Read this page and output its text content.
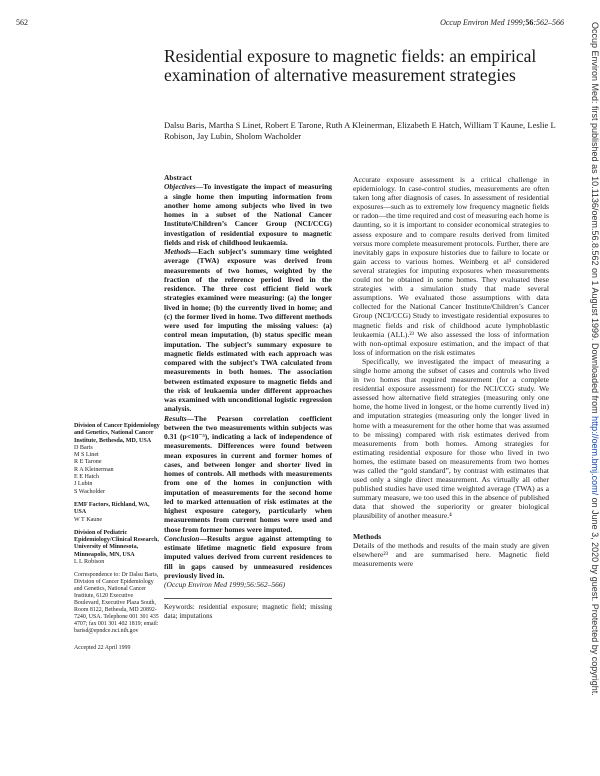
562	Occup Environ Med 1999;56:562–566	Occup Environ Med: first published as 10.1136/oem.56.8.562 on 1 August 1999. Downloaded from http://oem.bmj.com/ on June 3, 2020 by guest. Protected by copyright.
Residential exposure to magnetic fields: an empirical examination of alternative measurement strategies
Dalsu Baris, Martha S Linet, Robert E Tarone, Ruth A Kleinerman, Elizabeth E Hatch, William T Kaune, Leslie L Robison, Jay Lubin, Sholom Wacholder
Division of Cancer Epidemiology and Genetics, National Cancer Institute, Bethesda, MD, USA
D Baris
M S Linet
R E Tarone
R A Kleinerman
E E Hatch
J Lubin
S Wacholder
EMF Factors, Richland, WA, USA
W T Kaune
Division of Pediatric Epidemiology/Clinical Research, University of Minnesota, Minneapolis, MN, USA
L L Robison
Correspondence to: Dr Dalsu Baris, Division of Cancer Epidemiology and Genetics, National Cancer Institute, 6120 Executive Boulevard, Executive Plaza South, Room 8122, Bethesda, MD 20892-7240, USA. Telephone 001 301 435 4707; fax 001 301 402 1819; email: barisd@epndce.nci.nih.gov
Accepted 22 April 1999
Abstract

Objectives—To investigate the impact of measuring a single home then imputing information from another home among subjects who lived in two homes in a subset of the National Cancer Institute/Children’s Cancer Group (NCI/CCG) investigation of residential exposure to magnetic fields and risk of childhood leukaemia.

Methods—Each subject’s summary time weighted average (TWA) exposure was derived from measurements of two homes, weighted by the fraction of the reference period lived in the residence. The three cost efficient field work strategies examined were measuring: (a) the longer lived in home; (b) the currently lived in home; and (c) the former lived in home. Two different methods were used for imputing the missing values: (a) control mean imputation, (b) status specific mean imputation. The subject’s summary exposure to magnetic fields estimated with each approach was compared with the subject’s TWA calculated from measurements in both homes. The association between estimated exposure to magnetic fields and the risk of leukaemia under different approaches was examined with unconditional logistic regression analysis.

Results—The Pearson correlation coefficient between the two measurements within subjects was 0.31 (p<10⁻⁵), indicating a lack of independence of measurements. Differences were found between mean exposures in current and former homes of cases, and between longer and shorter lived in homes of controls. All methods with measurements from one of the homes in conjunction with imputation of measurements for the second home led to marked attenuation of risk estimates at the highest exposure category, particularly when measurements from current homes were used and those from former homes were imputed.

Conclusion—Results argue against attempting to estimate lifetime magnetic field exposure from imputed values derived from current residences to fill in gaps caused by unmeasured residences previously lived in.

(Occup Environ Med 1999;56:562–566)

Keywords: residential exposure; magnetic field; missing data; imputations

Accurate exposure assessment is a critical challenge in epidemiology. In case-control studies, measurements are often taken long after diagnosis of cases. In assessment of residential exposures—such as to extremely low frequency magnetic fields or radon—the time required and cost of measuring each home is daunting, so it is important to consider economical strategies to assess exposure and to compare results derived from limited versus more complete measurement protocols. Further, there are inevitably gaps in exposure histories due to failure to locate or gain access to various homes. Weinberg et al¹ considered several strategies for imputing exposures when measurements could not be obtained in some homes. They evaluated these strategies with a simulation study that made several assumptions. We evaluated those assumptions with data collected for the National Cancer Institute/Children’s Cancer Group (NCI/CCG) Study to investigate residential exposures to magnetic fields and risk of childhood acute lymphoblastic leukaemia (ALL).²³ We also assessed the loss of information with non-optimal exposure estimation, and the impact of that loss of information on the risk estimates

Specifically, we investigated the impact of measuring a single home among the subset of cases and controls who lived in two homes that required measurement (for a complete residential exposure assessment) for the NCI/CCG study. We assessed how alternative field strategies (measuring only one home, the home lived in longest, or the home currently lived in) and imputation strategies (measuring only the longer lived in home with a measurement for the other home that was assumed to be missing) compared with risk estimates derived from measurements from both homes. Among strategies for estimating residential exposure for those who lived in two homes, the estimate based on measurements from two homes was called the “gold standard”, by contrast with estimates that used only a single direct measurement. As virtually all other published studies have used time weighted average (TWA) as a summary measure, we too used this in the absence of published data that showed the superiority or greater biological plausibility of another measure.⁴

Methods

Details of the methods and results of the main study are given elsewhere²³ and are summarised here. Magnetic field measurements were
